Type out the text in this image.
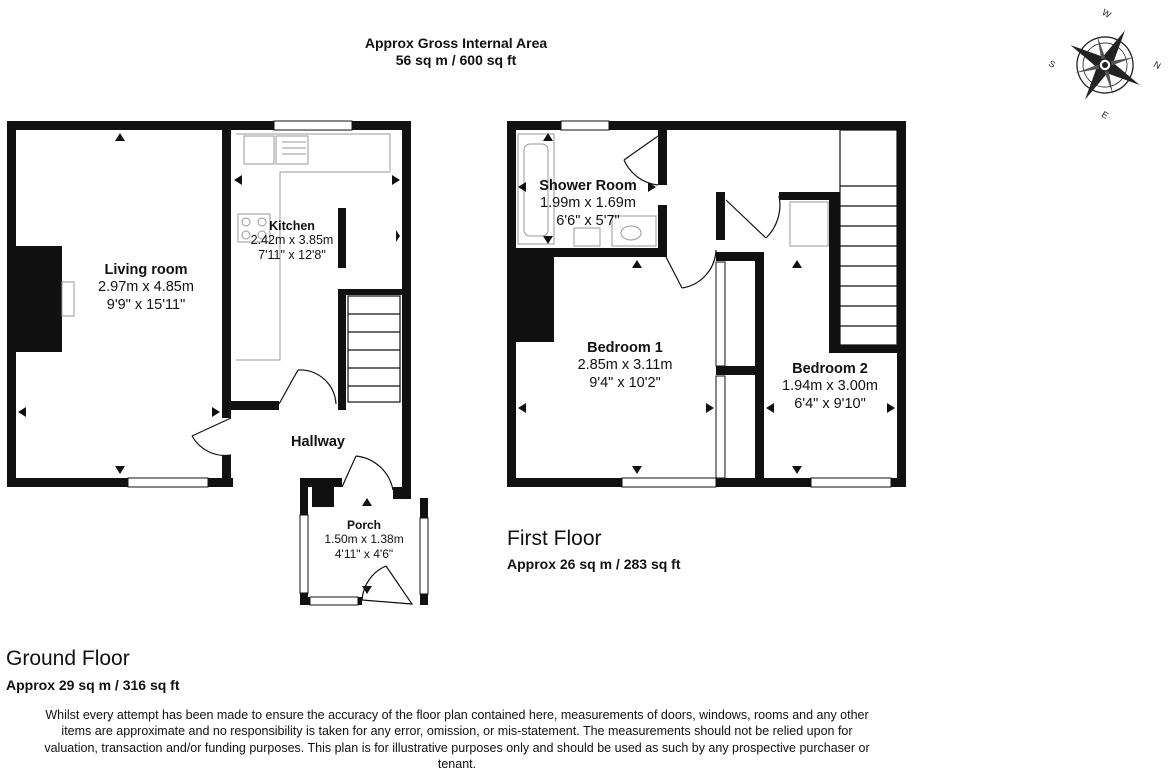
W
N
E
S
Approx Gross Internal Area
56 sq m / 600 sq ft
Living room
2.97m x 4.85m
9'9" x 15'11"
Kitchen
2.42m x 3.85m
7'11" x 12'8"
Hallway
Porch
1.50m x 1.38m
4'11" x 4'6"
Shower Room
1.99m x 1.69m
6'6" x 5'7"
Bedroom 1
2.85m x 3.11m
9'4" x 10'2"
Bedroom 2
1.94m x 3.00m
6'4" x 9'10"
First Floor
Approx 26 sq m / 283 sq ft
Ground Floor
Approx 29 sq m / 316 sq ft
Whilst every attempt has been made to ensure the accuracy of the floor plan contained here, measurements of doors, windows, rooms and any other items are approximate and no responsibility is taken for any error, omission, or mis-statement. The measurements should not be relied upon for valuation, transaction and/or funding purposes. This plan is for illustrative purposes only and should be used as such by any prospective purchaser or tenant.
